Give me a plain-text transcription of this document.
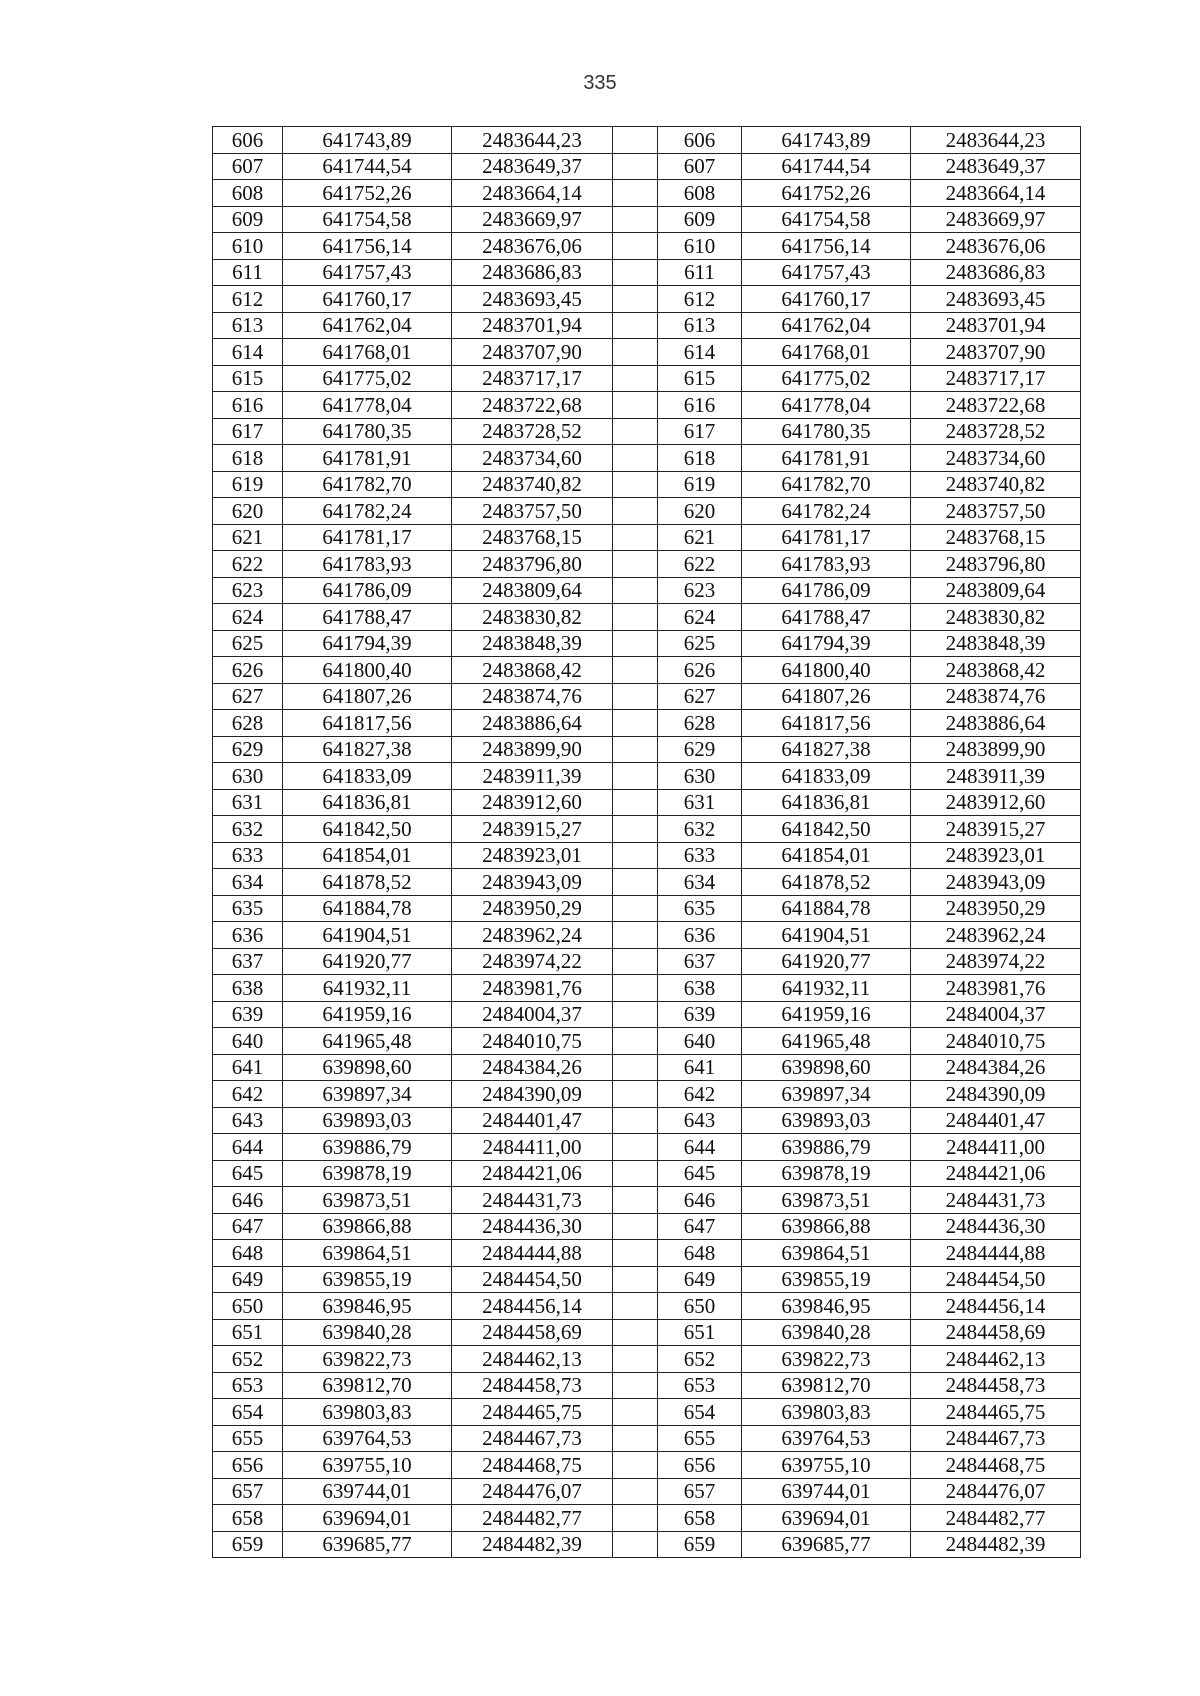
335
606	641743,89	2483644,23		606	641743,89	2483644,23
607	641744,54	2483649,37		607	641744,54	2483649,37
608	641752,26	2483664,14		608	641752,26	2483664,14
609	641754,58	2483669,97		609	641754,58	2483669,97
610	641756,14	2483676,06		610	641756,14	2483676,06
611	641757,43	2483686,83		611	641757,43	2483686,83
612	641760,17	2483693,45		612	641760,17	2483693,45
613	641762,04	2483701,94		613	641762,04	2483701,94
614	641768,01	2483707,90		614	641768,01	2483707,90
615	641775,02	2483717,17		615	641775,02	2483717,17
616	641778,04	2483722,68		616	641778,04	2483722,68
617	641780,35	2483728,52		617	641780,35	2483728,52
618	641781,91	2483734,60		618	641781,91	2483734,60
619	641782,70	2483740,82		619	641782,70	2483740,82
620	641782,24	2483757,50		620	641782,24	2483757,50
621	641781,17	2483768,15		621	641781,17	2483768,15
622	641783,93	2483796,80		622	641783,93	2483796,80
623	641786,09	2483809,64		623	641786,09	2483809,64
624	641788,47	2483830,82		624	641788,47	2483830,82
625	641794,39	2483848,39		625	641794,39	2483848,39
626	641800,40	2483868,42		626	641800,40	2483868,42
627	641807,26	2483874,76		627	641807,26	2483874,76
628	641817,56	2483886,64		628	641817,56	2483886,64
629	641827,38	2483899,90		629	641827,38	2483899,90
630	641833,09	2483911,39		630	641833,09	2483911,39
631	641836,81	2483912,60		631	641836,81	2483912,60
632	641842,50	2483915,27		632	641842,50	2483915,27
633	641854,01	2483923,01		633	641854,01	2483923,01
634	641878,52	2483943,09		634	641878,52	2483943,09
635	641884,78	2483950,29		635	641884,78	2483950,29
636	641904,51	2483962,24		636	641904,51	2483962,24
637	641920,77	2483974,22		637	641920,77	2483974,22
638	641932,11	2483981,76		638	641932,11	2483981,76
639	641959,16	2484004,37		639	641959,16	2484004,37
640	641965,48	2484010,75		640	641965,48	2484010,75
641	639898,60	2484384,26		641	639898,60	2484384,26
642	639897,34	2484390,09		642	639897,34	2484390,09
643	639893,03	2484401,47		643	639893,03	2484401,47
644	639886,79	2484411,00		644	639886,79	2484411,00
645	639878,19	2484421,06		645	639878,19	2484421,06
646	639873,51	2484431,73		646	639873,51	2484431,73
647	639866,88	2484436,30		647	639866,88	2484436,30
648	639864,51	2484444,88		648	639864,51	2484444,88
649	639855,19	2484454,50		649	639855,19	2484454,50
650	639846,95	2484456,14		650	639846,95	2484456,14
651	639840,28	2484458,69		651	639840,28	2484458,69
652	639822,73	2484462,13		652	639822,73	2484462,13
653	639812,70	2484458,73		653	639812,70	2484458,73
654	639803,83	2484465,75		654	639803,83	2484465,75
655	639764,53	2484467,73		655	639764,53	2484467,73
656	639755,10	2484468,75		656	639755,10	2484468,75
657	639744,01	2484476,07		657	639744,01	2484476,07
658	639694,01	2484482,77		658	639694,01	2484482,77
659	639685,77	2484482,39		659	639685,77	2484482,39
